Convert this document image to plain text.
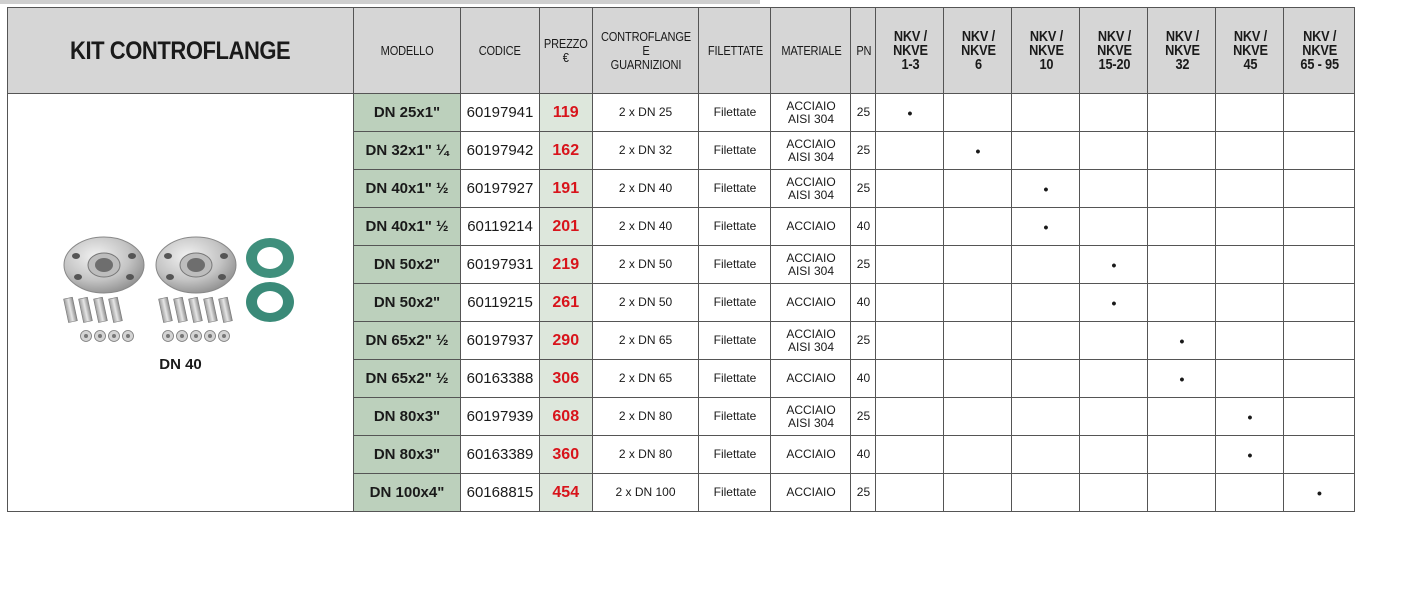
KIT CONTROFLANGE	MODELLO	CODICE	PREZZO
€	CONTROFLANGE
E
GUARNIZIONI	FILETTATE	MATERIALE	PN	NKV /
NKVE
1-3	NKV /
NKVE
6	NKV /
NKVE
10	NKV /
NKVE
15-20	NKV /
NKVE
32	NKV /
NKVE
45	NKV /
NKVE
65 - 95

DN 40	DN 25x1"	60197941	119	2 x DN 25	Filettate	ACCIAIO
AISI 304	25	•						
	DN 32x1" ¼	60197942	162	2 x DN 32	Filettate	ACCIAIO
AISI 304	25		•					
	DN 40x1" ½	60197927	191	2 x DN 40	Filettate	ACCIAIO
AISI 304	25			•				
	DN 40x1" ½	60119214	201	2 x DN 40	Filettate	ACCIAIO	40			•				
	DN 50x2"	60197931	219	2 x DN 50	Filettate	ACCIAIO
AISI 304	25				•			
	DN 50x2"	60119215	261	2 x DN 50	Filettate	ACCIAIO	40				•			
	DN 65x2" ½	60197937	290	2 x DN 65	Filettate	ACCIAIO
AISI 304	25					•		
	DN 65x2" ½	60163388	306	2 x DN 65	Filettate	ACCIAIO	40					•		
	DN 80x3"	60197939	608	2 x DN 80	Filettate	ACCIAIO
AISI 304	25						•	
	DN 80x3"	60163389	360	2 x DN 80	Filettate	ACCIAIO	40						•	
	DN 100x4"	60168815	454	2 x DN 100	Filettate	ACCIAIO	25							•
